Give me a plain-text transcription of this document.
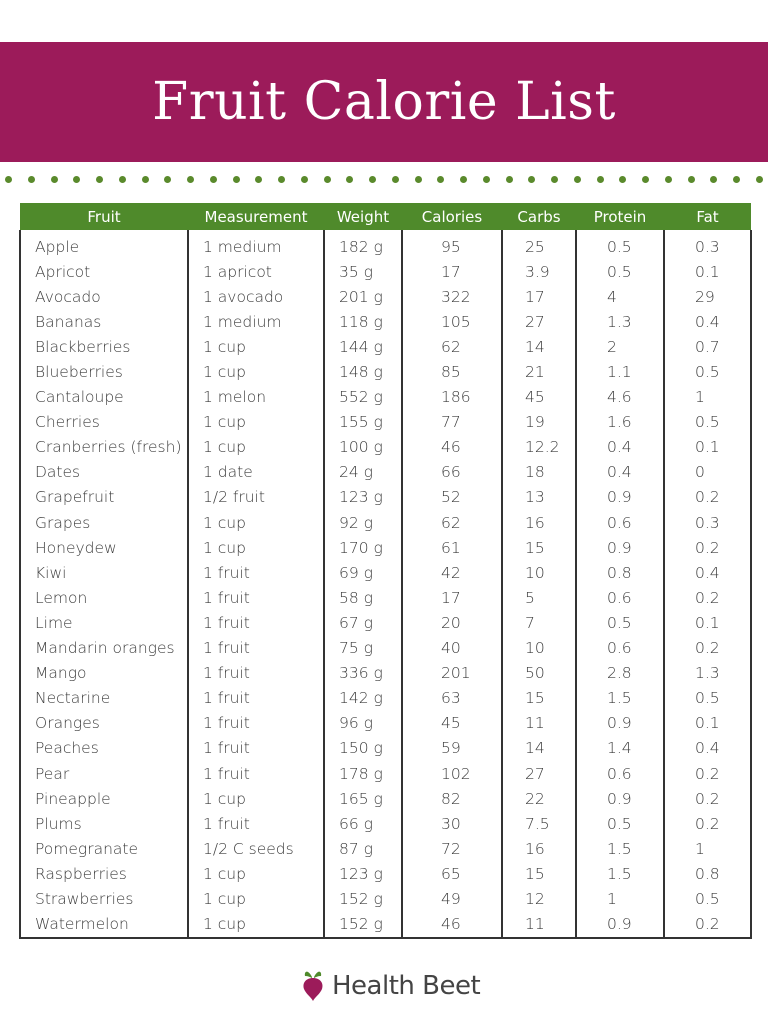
Fruit Calorie List
Fruit	Measurement	Weight	Calories	Carbs	Protein	Fat

Apple	1 medium	182 g	95	25	0.5	0.3
Apricot	1 apricot	35 g	17	3.9	0.5	0.1
Avocado	1 avocado	201 g	322	17	4	29
Bananas	1 medium	118 g	105	27	1.3	0.4
Blackberries	1 cup	144 g	62	14	2	0.7
Blueberries	1 cup	148 g	85	21	1.1	0.5
Cantaloupe	1 melon	552 g	186	45	4.6	1
Cherries	1 cup	155 g	77	19	1.6	0.5
Cranberries (fresh)	1 cup	100 g	46	12.2	0.4	0.1
Dates	1 date	24 g	66	18	0.4	0
Grapefruit	1/2 fruit	123 g	52	13	0.9	0.2
Grapes	1 cup	92 g	62	16	0.6	0.3
Honeydew	1 cup	170 g	61	15	0.9	0.2
Kiwi	1 fruit	69 g	42	10	0.8	0.4
Lemon	1 fruit	58 g	17	5	0.6	0.2
Lime	1 fruit	67 g	20	7	0.5	0.1
Mandarin oranges	1 fruit	75 g	40	10	0.6	0.2
Mango	1 fruit	336 g	201	50	2.8	1.3
Nectarine	1 fruit	142 g	63	15	1.5	0.5
Oranges	1 fruit	96 g	45	11	0.9	0.1
Peaches	1 fruit	150 g	59	14	1.4	0.4
Pear	1 fruit	178 g	102	27	0.6	0.2
Pineapple	1 cup	165 g	82	22	0.9	0.2
Plums	1 fruit	66 g	30	7.5	0.5	0.2
Pomegranate	1/2 C seeds	87 g	72	16	1.5	1
Raspberries	1 cup	123 g	65	15	1.5	0.8
Strawberries	1 cup	152 g	49	12	1	0.5
Watermelon	1 cup	152 g	46	11	0.9	0.2
Health Beet
